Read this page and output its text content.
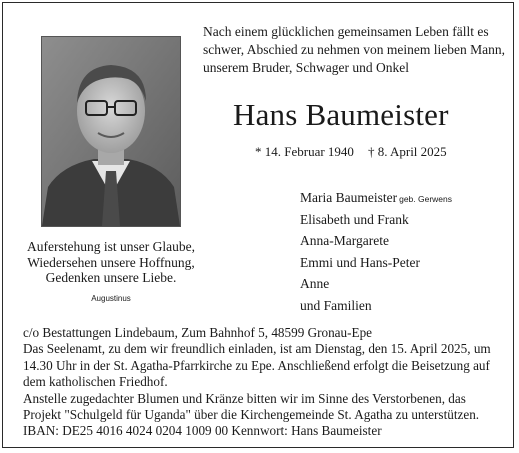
Nach einem glücklichen gemeinsamen Leben fällt es
schwer, Abschied zu nehmen von meinem lieben Mann,
unserem Bruder, Schwager und Onkel
Hans Baumeister
* 14. Februar 1940 † 8. April 2025
Auferstehung ist unser Glaube,
Wiedersehen unsere Hoffnung,
Gedenken unsere Liebe.
Augustinus
Maria Baumeister geb. Gerwens
Elisabeth und Frank
Anna-Margarete
Emmi und Hans-Peter
Anne
und Familien
c/o Bestattungen Lindebaum, Zum Bahnhof 5, 48599 Gronau-Epe
Das Seelenamt, zu dem wir freundlich einladen, ist am Dienstag, den 15. April 2025, um
14.30 Uhr in der St. Agatha-Pfarrkirche zu Epe. Anschließend erfolgt die Beisetzung auf
dem katholischen Friedhof.
Anstelle zugedachter Blumen und Kränze bitten wir im Sinne des Verstorbenen, das
Projekt "Schulgeld für Uganda" über die Kirchengemeinde St. Agatha zu unterstützen.
IBAN: DE25 4016 4024 0204 1009 00 Kennwort: Hans Baumeister
